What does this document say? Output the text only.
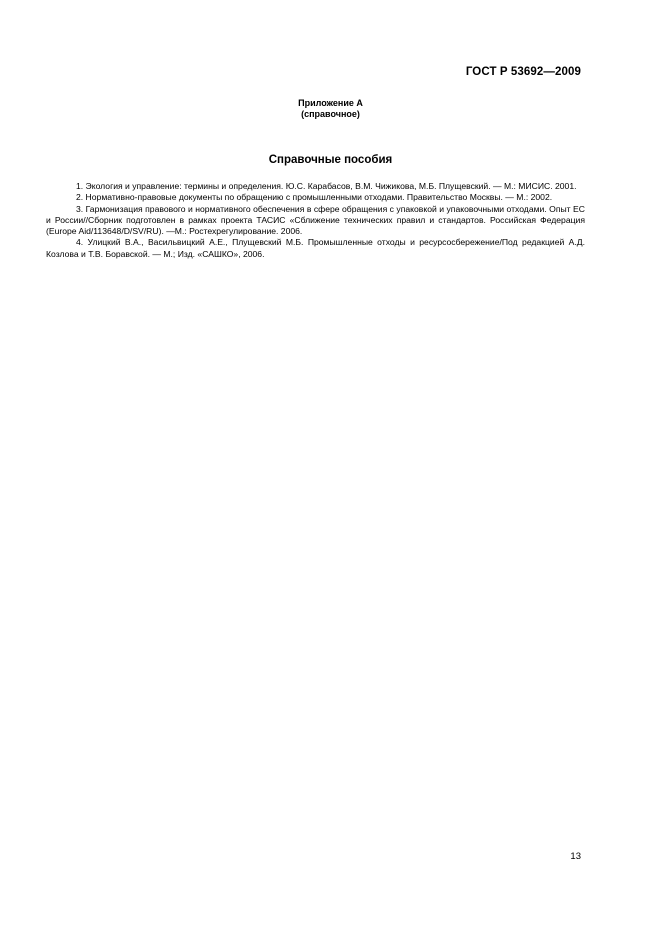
ГОСТ Р 53692—2009
Приложение А
(справочное)
Справочные пособия

1. Экология и управление: термины и определения. Ю.С. Карабасов, В.М. Чижикова, М.Б. Плущевский. — М.: МИСИС. 2001.

2. Нормативно-правовые документы по обращению с промышленными отходами. Правительство Москвы. — М.: 2002.

3. Гармонизация правового и нормативного обеспечения в сфере обращения с упаковкой и упаковочными отходами. Опыт ЕС и России//Сборник подготовлен в рамках проекта ТАСИС «Сближение технических правил и стандартов. Российская Федерация (Europe Aid/113648/D/SV/RU). —М.: Ростехрегулирование. 2006.

4. Улицкий В.А., Васильвицкий А.Е., Плущевский М.Б. Промышленные отходы и ресурсосбережение/Под редакцией А.Д. Козлова и Т.В. Боравской. — М.; Изд. «САШКО», 2006.

13
